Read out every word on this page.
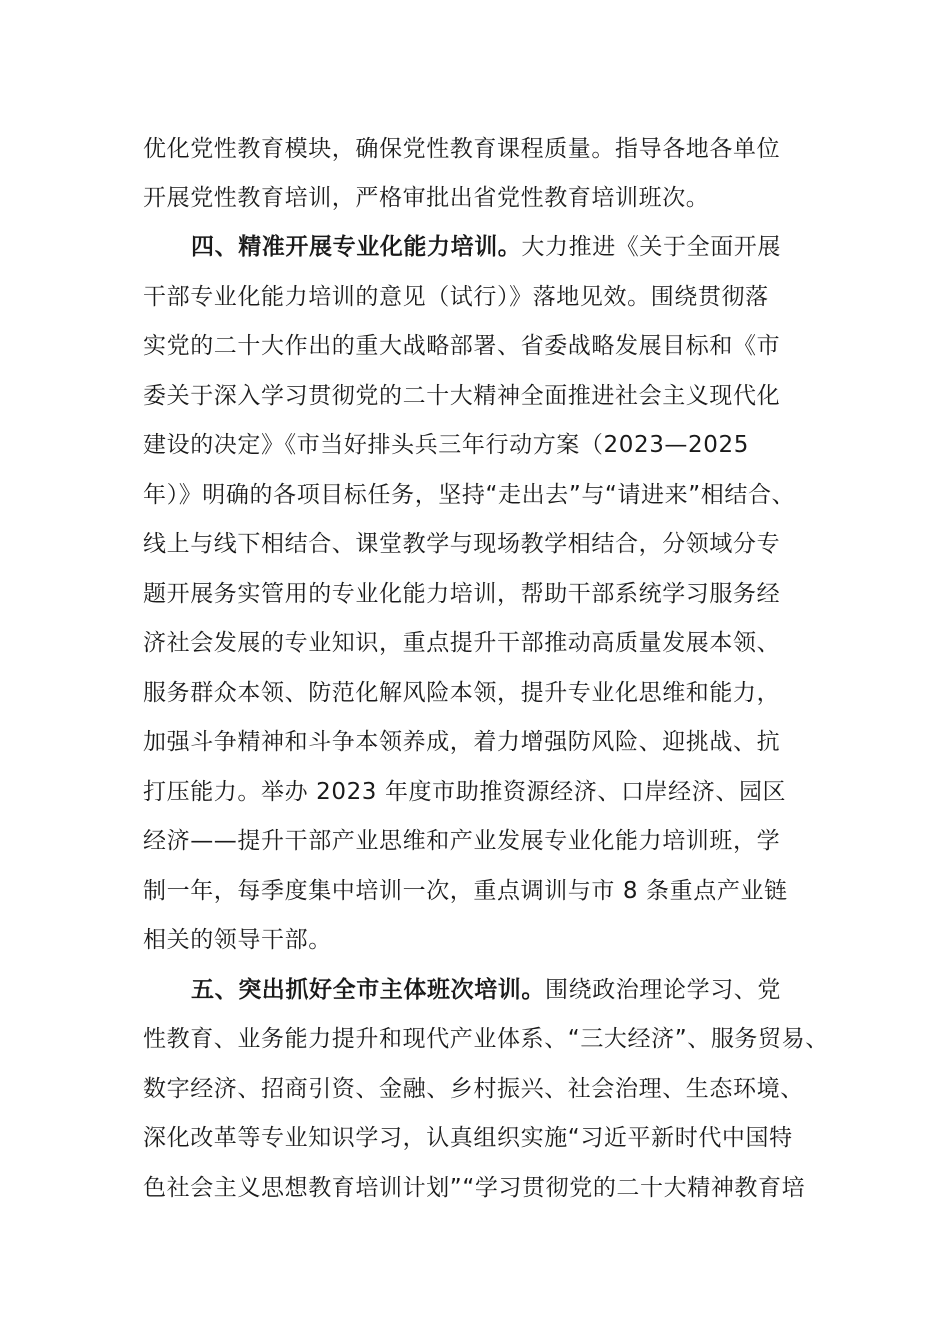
优化党性教育模块，确保党性教育课程质量。指导各地各单位
开展党性教育培训，严格审批出省党性教育培训班次。
四、精准开展专业化能力培训。大力推进《关于全面开展
干部专业化能力培训的意见（试行）》落地见效。围绕贯彻落
实党的二十大作出的重大战略部署、省委战略发展目标和《市
委关于深入学习贯彻党的二十大精神全面推进社会主义现代化
建设的决定》《市当好排头兵三年行动方案（2023—2025
年）》明确的各项目标任务，坚持“走出去”与“请进来”相结合、
线上与线下相结合、课堂教学与现场教学相结合，分领域分专
题开展务实管用的专业化能力培训，帮助干部系统学习服务经
济社会发展的专业知识，重点提升干部推动高质量发展本领、
服务群众本领、防范化解风险本领，提升专业化思维和能力，
加强斗争精神和斗争本领养成，着力增强防风险、迎挑战、抗
打压能力。举办 2023 年度市助推资源经济、口岸经济、园区
经济——提升干部产业思维和产业发展专业化能力培训班，学
制一年，每季度集中培训一次，重点调训与市 8 条重点产业链
相关的领导干部。
五、突出抓好全市主体班次培训。围绕政治理论学习、党
性教育、业务能力提升和现代产业体系、“三大经济”、服务贸易、
数字经济、招商引资、金融、乡村振兴、社会治理、生态环境、
深化改革等专业知识学习，认真组织实施“习近平新时代中国特
色社会主义思想教育培训计划”“学习贯彻党的二十大精神教育培
